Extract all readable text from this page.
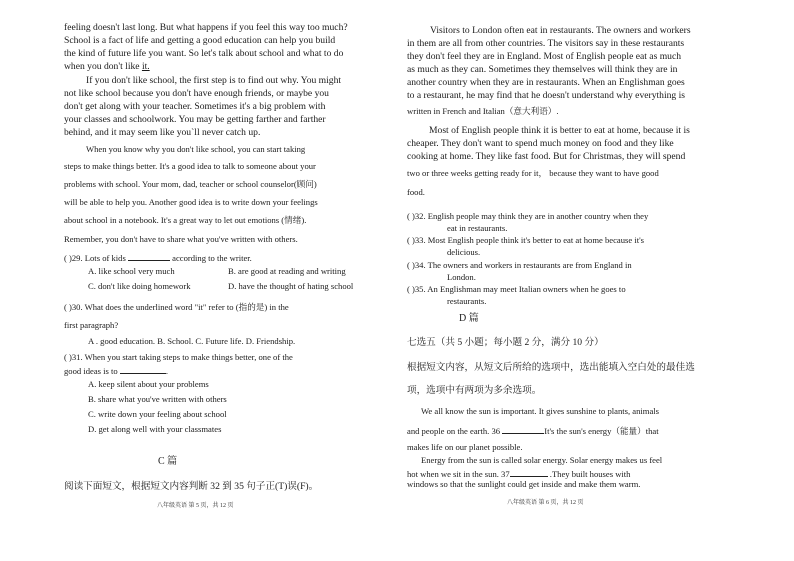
feeling doesn't last long. But what happens if you feel this way too much?
School is a fact of life and getting a good education can help you build
the kind of future life you want. So let's talk about school and what to do
when you don't like it.
If you don't like school, the first step is to find out why. You might
not like school because you don't have enough friends, or maybe you
don't get along with your teacher. Sometimes it's a big problem with
your classes and schoolwork. You may be getting farther and farther
behind, and it may seem like you`ll never catch up.
When you know why you don't like school, you can start taking
steps to make things better. It's a good idea to talk to someone about your
problems with school. Your mom, dad, teacher or school counselor(顾问)
will be able to help you. Another good idea is to write down your feelings
about school in a notebook. It's a great way to let out emotions (情绪).
Remember, you don't have to share what you've written with others.
( )29. Lots of kids	according to the writer.
A. like school very much	B. are good at reading and writing
C. don't like doing homework	D. have the thought of hating school
( )30. What does the underlined word "it" refer to (指的是) in the
first paragraph?
A . good education. B. School. C. Future life. D. Friendship.
( )31. When you start taking steps to make things better, one of the
good ideas is to	.
A. keep silent about your problems
B. share what you've written with others
C. write down your feeling about school
D. get along well with your classmates
C 篇
阅读下面短文，根据短文内容判断 32 到 35 句子正(T)误(F)。
八年级英语 第 5 页，共 12 页
Visitors to London often eat in restaurants. The owners and workers
in them are all from other countries. The visitors say in these restaurants
they don't feel they are in England. Most of English people eat as much
as much as they can. Sometimes they themselves will think they are in
another country when they are in restaurants. When an Englishman goes
to a restaurant, he may find that he doesn't understand why everything is
written in French and Italian（意大利语）.
Most of English people think it is better to eat at home, because it is
cheaper. They don't want to spend much money on food and they like
cooking at home. They like fast food. But for Christmas, they will spend
two or three weeks getting ready for it， because they want to have good
food.
( )32. English people may think they are in another country when they
eat in restaurants.
( )33. Most English people think it's better to eat at home because it's
delicious.
( )34. The owners and workers in restaurants are from England in
London.
( )35. An Englishman may meet Italian owners when he goes to
restaurants.
D 篇
七选五（共 5 小题；每小题 2 分，满分 10 分）
根据短文内容，从短文后所给的选项中，选出能填入空白处的最佳选
项，选项中有两项为多余选项。
We all know the sun is important. It gives sunshine to plants, animals
and people on the earth. 36	It's the sun's energy（能量）that
makes life on our planet possible.
Energy from the sun is called solar energy. Solar energy makes us feel
hot when we sit in the sun. 37	.They built houses with
windows so that the sunlight could get inside and make them warm.
八年级英语 第 6 页，共 12 页
